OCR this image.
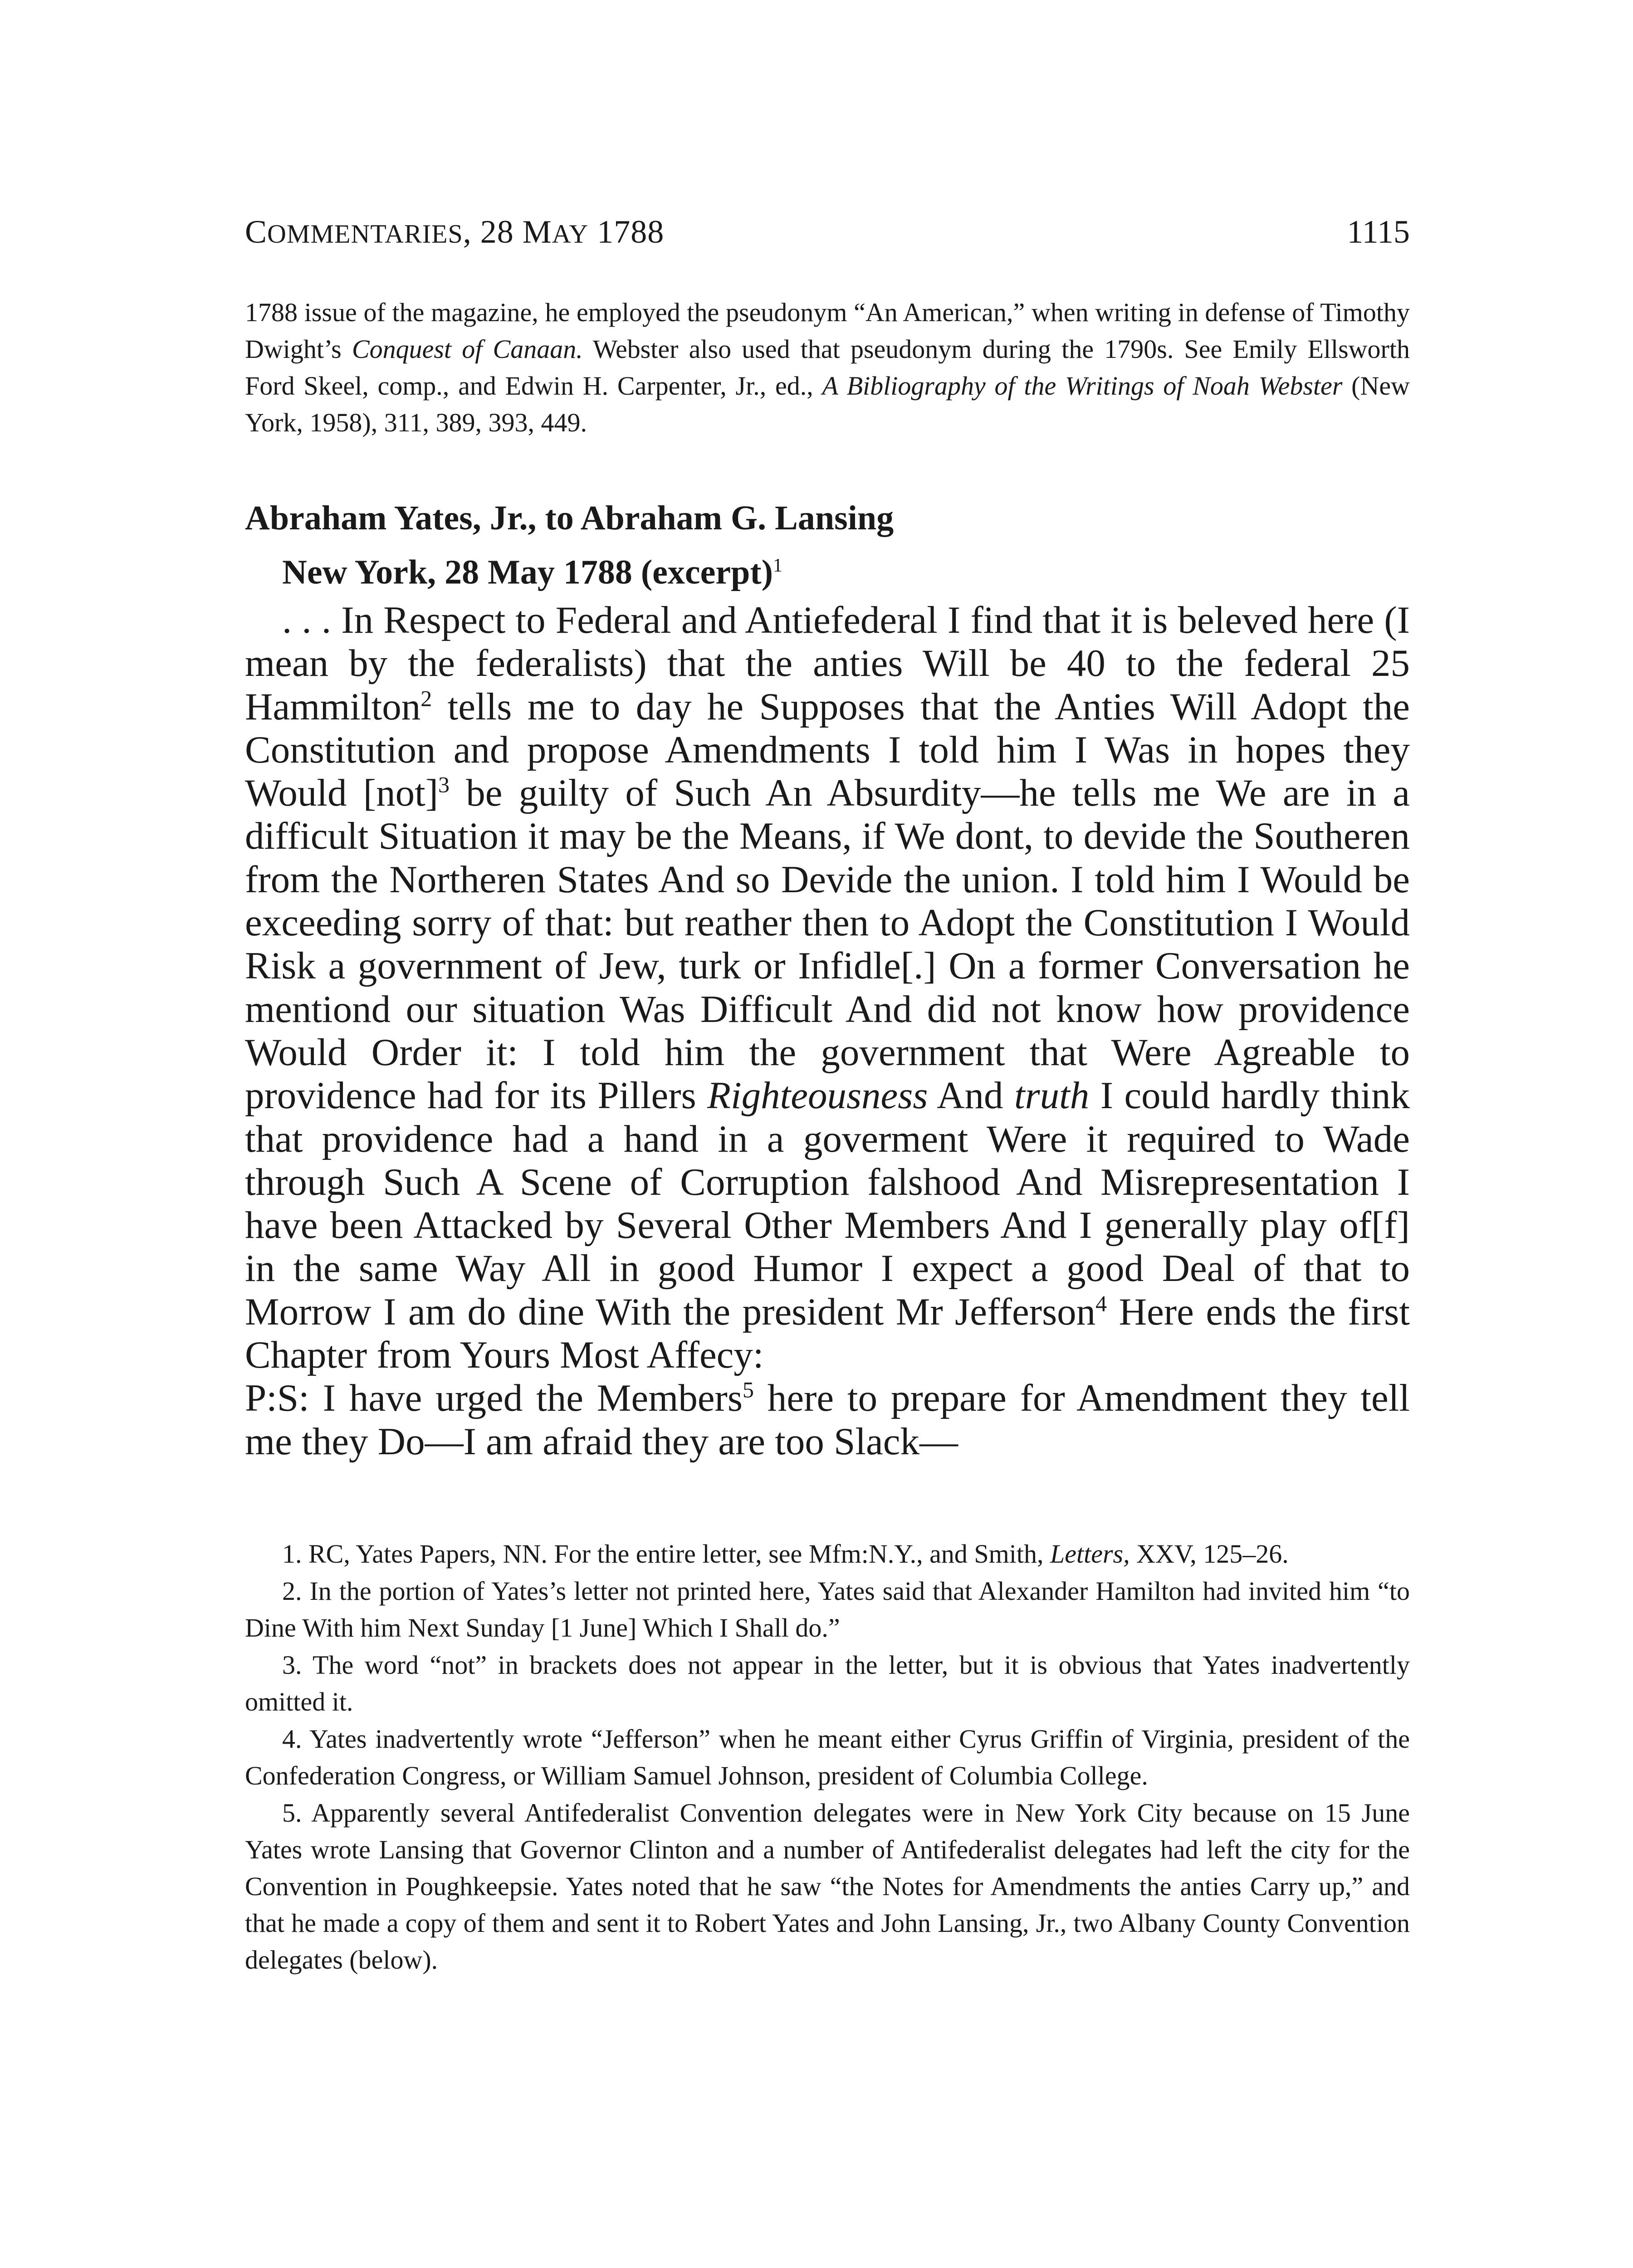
COMMENTARIES, 28 MAY 1788	1115

1788 issue of the magazine, he employed the pseudonym “An American,” when writing in defense of Timothy Dwight’s Conquest of Canaan. Webster also used that pseudonym during the 1790s. See Emily Ellsworth Ford Skeel, comp., and Edwin H. Carpenter, Jr., ed., A Bibliography of the Writings of Noah Webster (New York, 1958), 311, 389, 393, 449.

Abraham Yates, Jr., to Abraham G. Lansing
New York, 28 May 1788 (excerpt)$^1$

. . . In Respect to Federal and Antiefederal I find that it is beleved here (I mean by the federalists) that the anties Will be 40 to the federal 25 Hammilton$^2$ tells me to day he Supposes that the Anties Will Adopt the Constitution and propose Amendments I told him I Was in hopes they Would [not]$^3$ be guilty of Such An Absurdity—he tells me We are in a difficult Situation it may be the Means, if We dont, to devide the Southeren from the Northeren States And so Devide the union. I told him I Would be exceeding sorry of that: but reather then to Adopt the Constitution I Would Risk a government of Jew, turk or Infidle[.] On a former Conversation he mentiond our situation Was Difficult And did not know how providence Would Order it: I told him the government that Were Agreable to providence had for its Pillers Righteousness And truth I could hardly think that providence had a hand in a goverment Were it required to Wade through Such A Scene of Corruption falshood And Misrepresentation I have been Attacked by Several Other Members And I generally play of[f] in the same Way All in good Humor I expect a good Deal of that to Morrow I am do dine With the president Mr Jefferson$^4$ Here ends the first Chapter from Yours Most Affecy:

P:S: I have urged the Members$^5$ here to prepare for Amendment they tell me they Do—I am afraid they are too Slack—

1. RC, Yates Papers, NN. For the entire letter, see Mfm:N.Y., and Smith, Letters, XXV, 125–26.

2. In the portion of Yates’s letter not printed here, Yates said that Alexander Hamilton had invited him “to Dine With him Next Sunday [1 June] Which I Shall do.”

3. The word “not” in brackets does not appear in the letter, but it is obvious that Yates inadvertently omitted it.

4. Yates inadvertently wrote “Jefferson” when he meant either Cyrus Griffin of Virginia, president of the Confederation Congress, or William Samuel Johnson, president of Columbia College.

5. Apparently several Antifederalist Convention delegates were in New York City because on 15 June Yates wrote Lansing that Governor Clinton and a number of Antifederalist delegates had left the city for the Convention in Poughkeepsie. Yates noted that he saw “the Notes for Amendments the anties Carry up,” and that he made a copy of them and sent it to Robert Yates and John Lansing, Jr., two Albany County Convention delegates (below).
